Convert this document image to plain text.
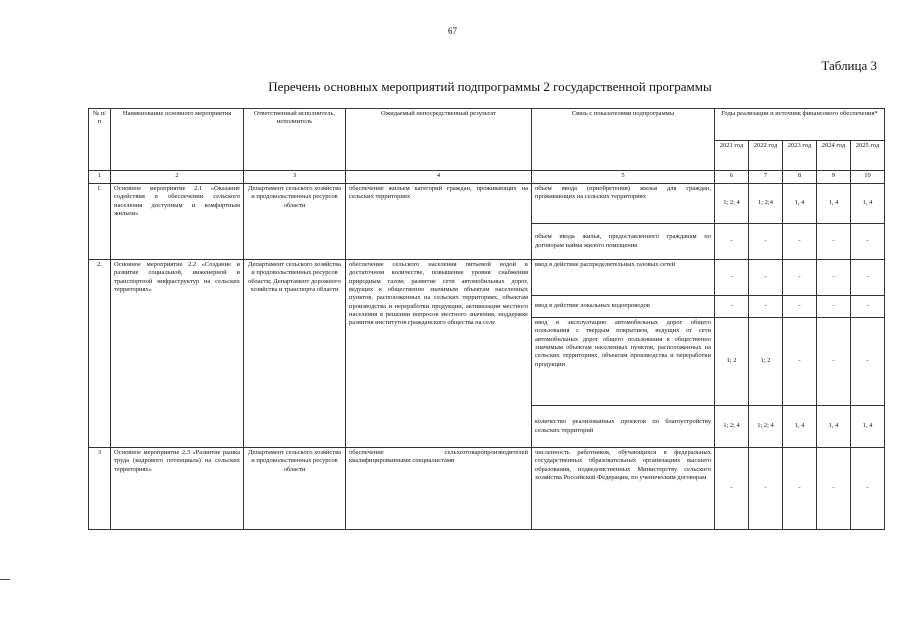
67
Таблица 3
Перечень основных мероприятий подпрограммы 2 государственной программы
№ п/п	Наименование основного мероприятия	Ответственный исполнитель, исполнитель	Ожидаемый непосредственный результат	Связь с показателями подпрограммы	Годы реализации и источник финансового обеспечения*				
					2021 год	2022 год	2023 год	2024 год	2025 год
1	2	3	4	5	6	7	8	9	10
1.	Основное мероприятие 2.1 «Оказание содействия в обеспечении сельского населения доступным и комфортным жильем»	Департамент сельского хозяйства и продовольственных ресурсов области	обеспечение жильем категорий граждан, проживающих на сельских территориях	объем ввода (приобретения) жилья для граждан, проживающих на сельских территориях	1; 2; 4	1; 2;4	1, 4	1, 4	1, 4
				объем ввода жилья, предоставленного гражданам по договорам найма жилого помещения	-	-	-	-	-
2.	Основное мероприятие 2.2 «Создание и развитие социальной, инженерной и транспортной инфраструктур на сельских территориях»	Департамент сельского хозяйства и продовольственных ресурсов области; Департамент дорожного хозяйства и транспорта области	обеспечение сельского населения питьевой водой в достаточном количестве, повышение уровня снабжения природным газом; развитие сети автомобильных дорог, ведущих к общественно значимым объектам населенных пунктов, расположенных на сельских территориях, объектам производства и переработки продукции, активизация местного населения в решении вопросов местного значения, поддержке развития институтов гражданского общества на селе	ввод в действие распределительных газовых сетей	-	-	-	-	-
				ввод в действие локальных водопроводов	-	-	-	-	-
				ввод в эксплуатацию автомобильных дорог общего пользования с твердым покрытием, ведущих от сети автомобильных дорог общего пользования к общественно значимым объектам населенных пунктов, расположенных на сельских территориях, объектам производства и переработки продукции	1; 2	1; 2	-	-	-
				количество реализованных проектов по благоустройству сельских территорий	1; 2; 4	1; 2; 4	1, 4	1, 4	1, 4
3	Основное мероприятие 2.3 «Развитие рынка труда (кадрового потенциала) на сельских территориях»	Департамент сельского хозяйства и продовольственных ресурсов области	обеспечение сельхозтоваропроизводителей квалифицированными специалистами	численность работников, обучающихся в федеральных государственных образовательных организациях высшего образования, подведомственных Министерству сельского хозяйства Российской Федерации, по ученическим договорам	-	-	-	-	-
